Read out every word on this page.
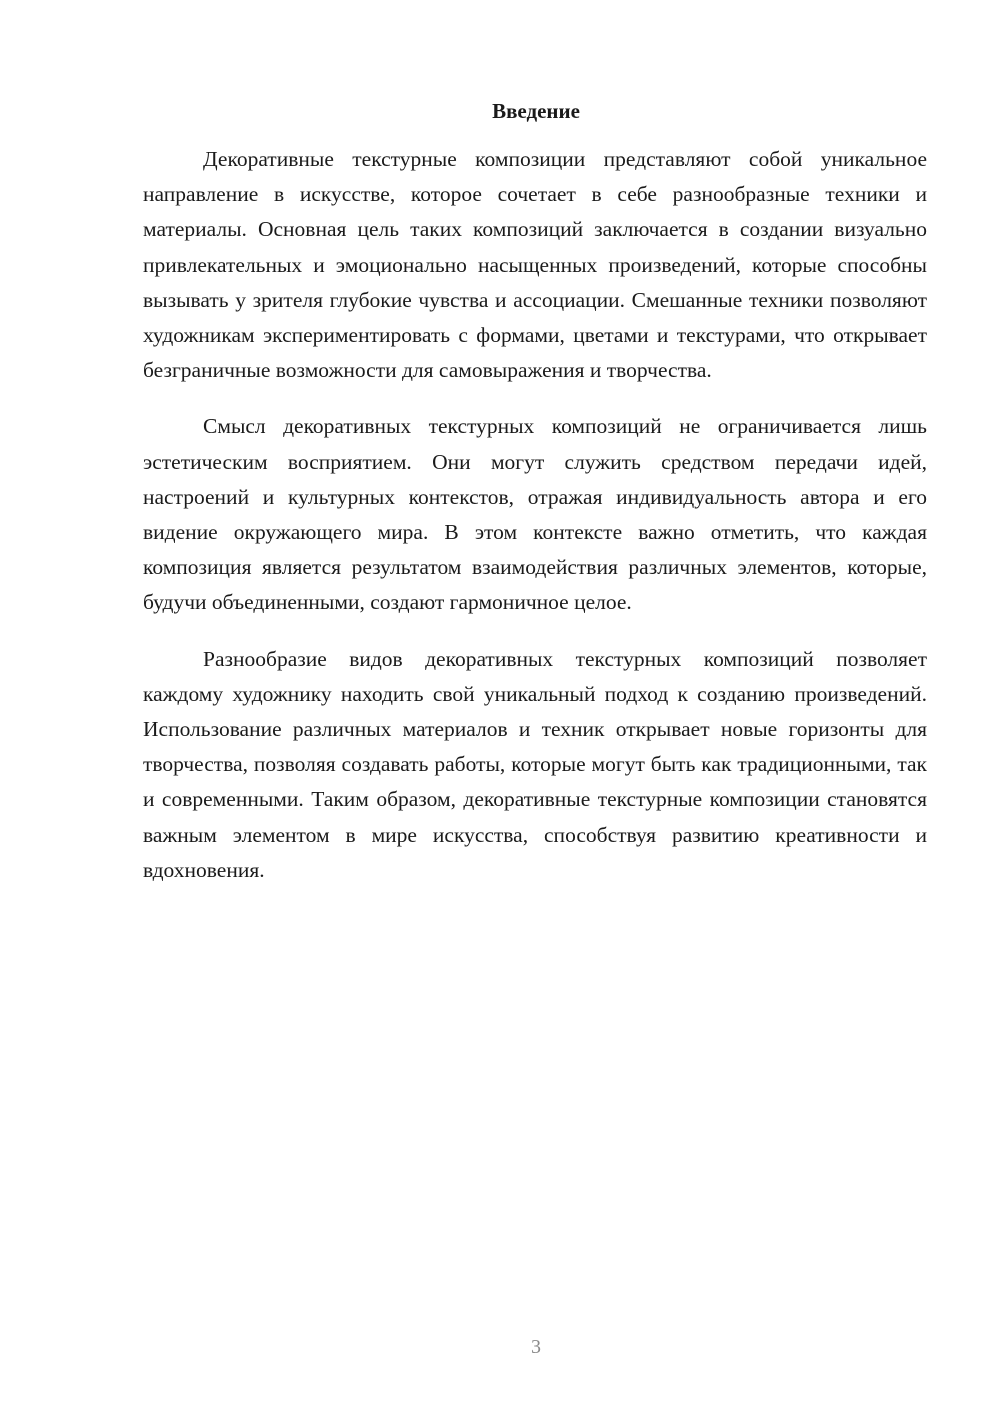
Введение

Декоративные текстурные композиции представляют собой уникальное направление в искусстве, которое сочетает в себе разнообразные техники и материалы. Основная цель таких композиций заключается в создании визуально привлекательных и эмоционально насыщенных произведений, которые способны вызывать у зрителя глубокие чувства и ассоциации. Смешанные техники позволяют художникам экспериментировать с формами, цветами и текстурами, что открывает безграничные возможности для самовыражения и творчества.

Смысл декоративных текстурных композиций не ограничивается лишь эстетическим восприятием. Они могут служить средством передачи идей, настроений и культурных контекстов, отражая индивидуальность автора и его видение окружающего мира. В этом контексте важно отметить, что каждая композиция является результатом взаимодействия различных элементов, которые, будучи объединенными, создают гармоничное целое.

Разнообразие видов декоративных текстурных композиций позволяет каждому художнику находить свой уникальный подход к созданию произведений. Использование различных материалов и техник открывает новые горизонты для творчества, позволяя создавать работы, которые могут быть как традиционными, так и современными. Таким образом, декоративные текстурные композиции становятся важным элементом в мире искусства, способствуя развитию креативности и вдохновения.

3
